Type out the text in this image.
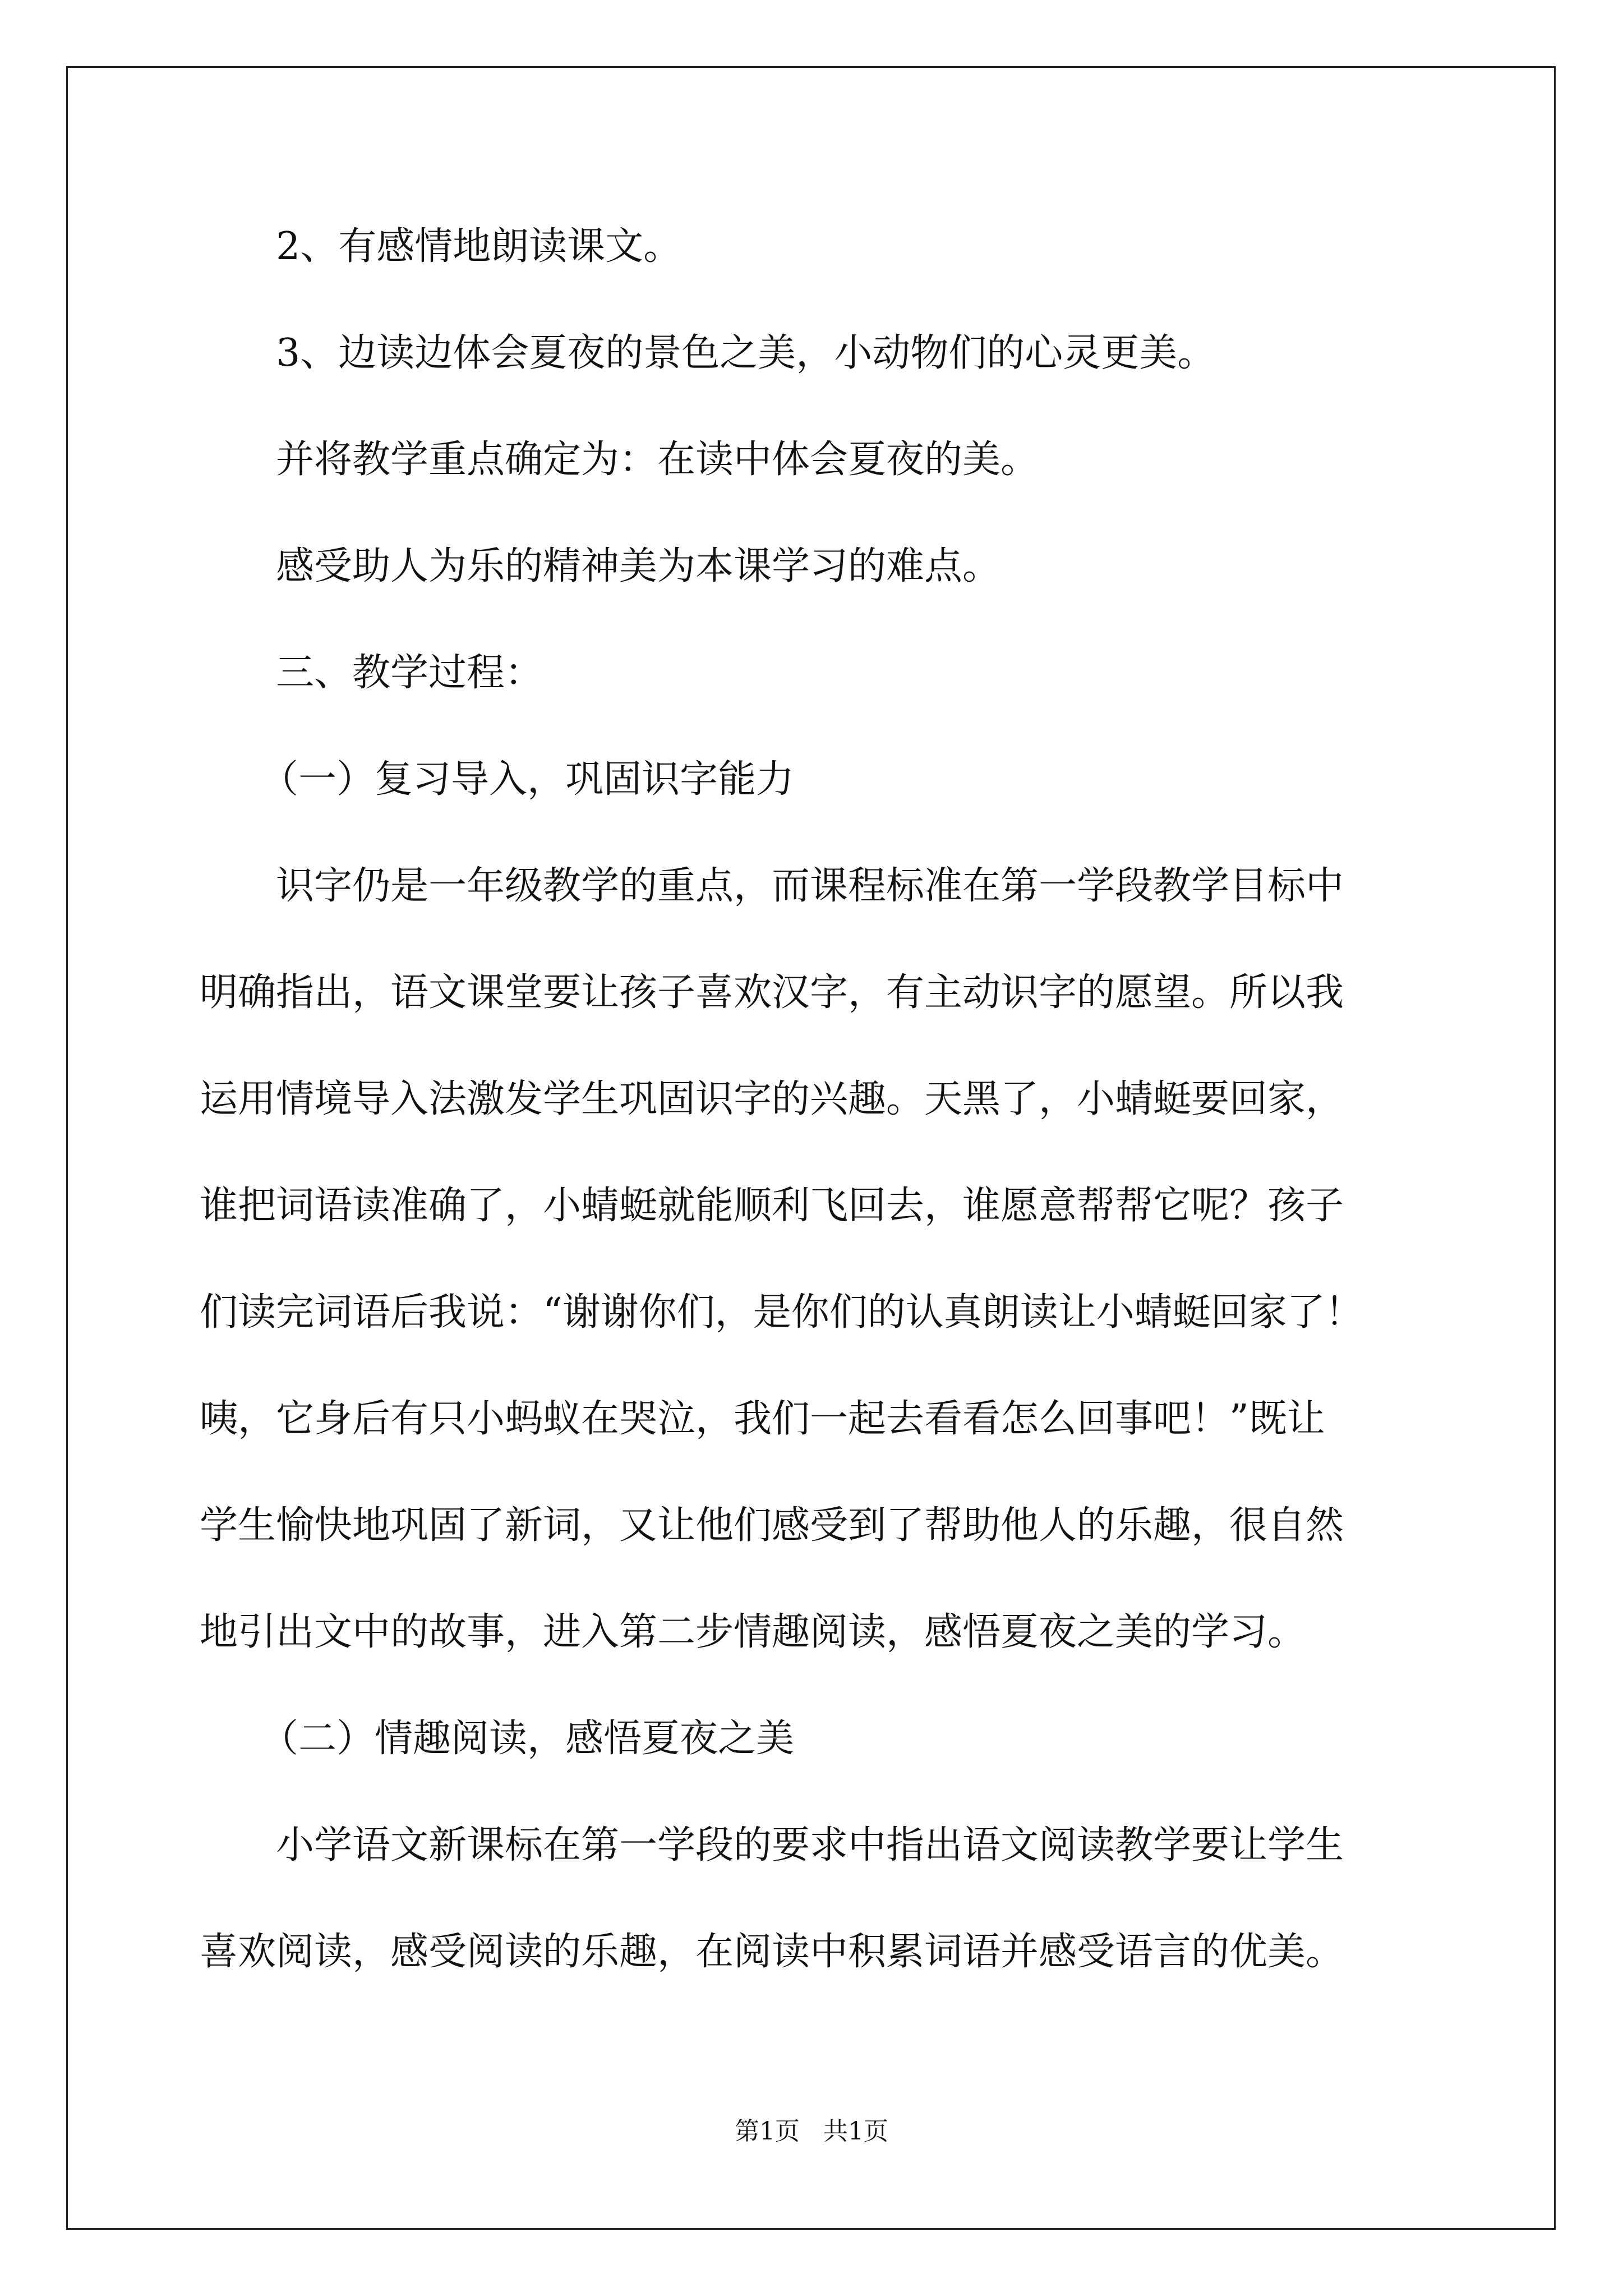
2、有感情地朗读课文。

3、边读边体会夏夜的景色之美，小动物们的心灵更美。

并将教学重点确定为：在读中体会夏夜的美。

感受助人为乐的精神美为本课学习的难点。

三、教学过程：

（一）复习导入，巩固识字能力

识字仍是一年级教学的重点，而课程标准在第一学段教学目标中

明确指出，语文课堂要让孩子喜欢汉字，有主动识字的愿望。所以我

运用情境导入法激发学生巩固识字的兴趣。天黑了，小蜻蜓要回家，

谁把词语读准确了，小蜻蜓就能顺利飞回去，谁愿意帮帮它呢？孩子

们读完词语后我说：“谢谢你们，是你们的认真朗读让小蜻蜓回家了！

咦，它身后有只小蚂蚁在哭泣，我们一起去看看怎么回事吧！”既让

学生愉快地巩固了新词，又让他们感受到了帮助他人的乐趣，很自然

地引出文中的故事，进入第二步情趣阅读，感悟夏夜之美的学习。

（二）情趣阅读，感悟夏夜之美

小学语文新课标在第一学段的要求中指出语文阅读教学要让学生

喜欢阅读，感受阅读的乐趣，在阅读中积累词语并感受语言的优美。

第1页   共1页
